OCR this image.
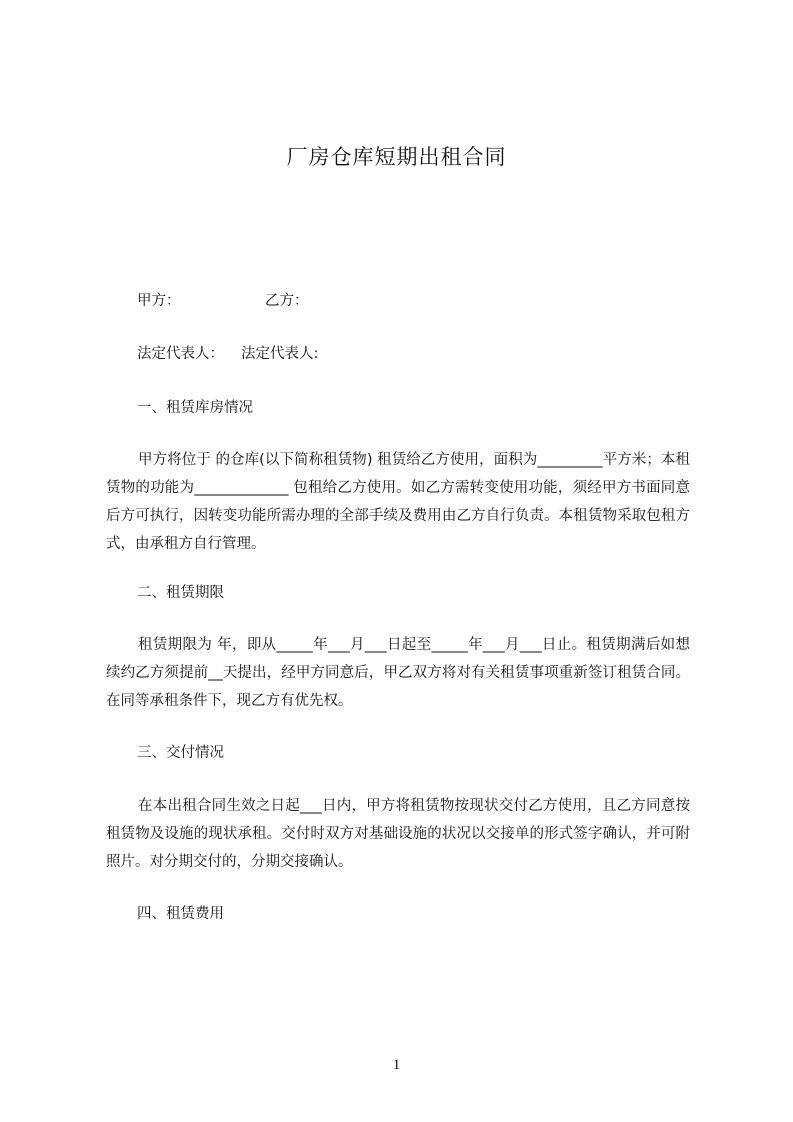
厂房仓库短期出租合同
甲方：	乙方：
法定代表人： 法定代表人:
一、租赁库房情况

甲方将位于 的仓库(以下简称租赁物) 租赁给乙方使用，面积为_________平方米；本租赁物的功能为_____________ 包租给乙方使用。如乙方需转变使用功能，须经甲方书面同意后方可执行，因转变功能所需办理的全部手续及费用由乙方自行负责。本租赁物采取包租方式，由承租方自行管理。

二、租赁期限

租赁期限为 年，即从_____年___月___日起至_____年___月___日止。租赁期满后如想续约乙方须提前__天提出，经甲方同意后，甲乙双方将对有关租赁事项重新签订租赁合同。在同等承租条件下，现乙方有优先权。

三、交付情况

在本出租合同生效之日起___日内，甲方将租赁物按现状交付乙方使用，且乙方同意按租赁物及设施的现状承租。交付时双方对基础设施的状况以交接单的形式签字确认，并可附照片。对分期交付的，分期交接确认。

四、租赁费用
1
